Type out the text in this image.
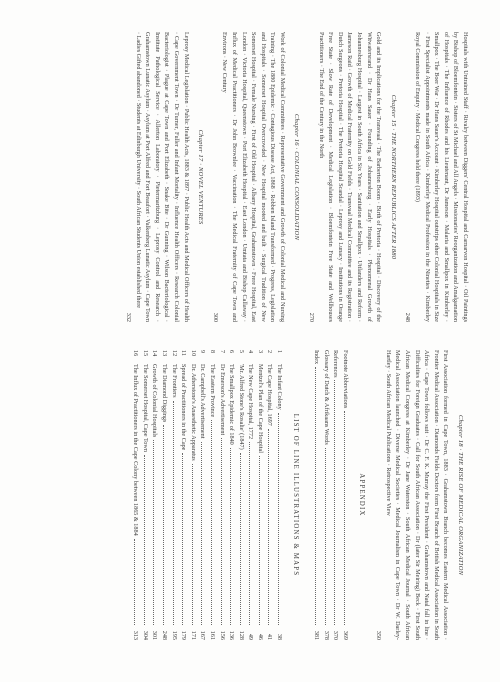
Hospitals with Untrained Staff · Rivalry between Diggers' Central Hospital and Carnarvon Hospital · Oil Paintings by Bishop of Bloemfontein · Sisters of St Michael and All Angels · Missionaries' Reorganization and Amalgamation of Hospitals · The Influence of Rhodes and his Lieutenant, Dr Jameson · Malaria and Smallpox in Kimberley · Smallpox · The Boer War · Dr Hans Sauer's Account · Kimberley Hospital outstrips other Colonial Hospitals in Size · First Specialist Appointments made in South Africa · Kimberley Medical Profession in the Nineties · Kimberley Royal Commission of Enquiry · Medical Congress held there (1893)

248

Chapter 15 · THE NORTHERN REPUBLICS AFTER 1880

Gold and its Implications for the Transvaal · The Barberton Boom · Birth of Pretoria · Hospital · Discovery of the Witwatersrand · Dr Hans Sauer · Founding of Johannesburg · Early Hospitals · Phenomenal Growth of Johannesburg Hospital · Largest in South Africa in Six Years · Sanitation and Smallpox · Uitlanders and Reform · Jameson Raid · Growth of Medical Fraternity on Gold Fields · Transvaal Medical Committee and its Registration · Dutch Surgeons · Pretoria Hospital · The Pretoria Hospital Scandal · Leprosy and Lunacy · Institutions in Orange Free State · Slow Rate of Development · Medical Legislation · Bloemfontein Free State and Wellhouses Practitioners · The End of the Century in the North

270

Chapter 16 · COLONIAL CONSOLIDATION

Work of Colonial Medical Committees · Representative Government and Growth of Colonial Medical and Nursing Training · The 1880 Epidemic · Contagious Disease Act, 1868 · Robben Island Transformed · Progress, Legislation and Hospitals · Somerset Hospital Overcrowded · New Hospital mooted and built · Surgical Tradition of New Somerset Hospital · Female Nursing · First of Old Hospital · Albany Hospital, Grahamstown · Frere Hospital, East London · Victoria Hospital, Queenstown · Port Elizabeth Hospital · East London · Umtata and Bishop Callaway · Influx of Medical Practitioners · Dr John Brownlee · Vaccination · The Medical Fraternity of Cape Town and Environs · New Century

300

Chapter 17 · NOVEL VENTURES

Leprosy Medical Legislation · Public Health Acts, 1883 & 1897 · Public Health Acts and Medical Officers of Health · Cape Government Town · Dr Turner, Fuller and Infant Mortality · Influence Health Officers · Research Colonial Bacteriologist · Plague at Cape Town and Port Elizabeth · Snake Bite · Dr Gunning · Wilson Bacteriological · Institute Pathological Service · Allerton Laboratory · Pietermaritzburg · Leprosy Control and Research · Grahamstown Lunatic Asylum · Asylum at Port Alfred and Fort Beaufort · Valkenberg Lunatic Asylum · Cape Town · Ladies Gifted abandoned · Students at Edinburgh University · South African Students Union established there

332

Chapter 18 · THE RISE OF MEDICAL ORGANIZATION

First Association formed in Cape Town, 1883 · Grahamstown Branch becomes Eastern Medical Association · Frontier Medical Association · Diamonds Fields Doctors form First Branch of British Medical Association in South Africa · Cape Town follows suit · Dr C. F. K. Murray the First President · Grahamstown and Natal fall in line · Difficulties for Foreign Graduates · Call for South African Association · Dr (later Sir Meiring) Beck · First South African Medical Congress at Kimberley · Dr Jane Waterston · South African Medical Journal · South African Medical Association launched · Diverse Medical Societies · Medical Journalism in Cape Town · Dr W. Darley-Hartley · South African Medical Publications · Retrospective View

350

APPENDIX
Footnote Abbreviations
369
References
370
Glossary of Dutch & Afrikaans Words
378
Index
381
LIST OF LINE ILLUSTRATIONS & MAPS
1
The Infant Colony
38
2
The Cape Hospital, 1697
41
3
Mentzel's Plan of the Cape Hospital
46
4
The New Cape Hospital, 1772
49
5
'Mr. Alfred Stone's Rosalie' (1847)
128
6
The Smallpox Epidemic of 1840
136
7
Dr Emerson's Advertisement
156
8
The Eastern Province
161
9
Dr. Campbell's Advertisement
167
10
Dr. Atherstone's Anaesthetic Apparatus
171
11
Spread of Practitioners in the Cape
179
12
The Frontiers
195
13
The Diamond Diggings
248
14
Growth of Colonial Hospitals
301
15
The Somerset Hospital, Cape Town
304
16
The Influx of Practitioners in the Cape Colony between 1865 & 1884
313
